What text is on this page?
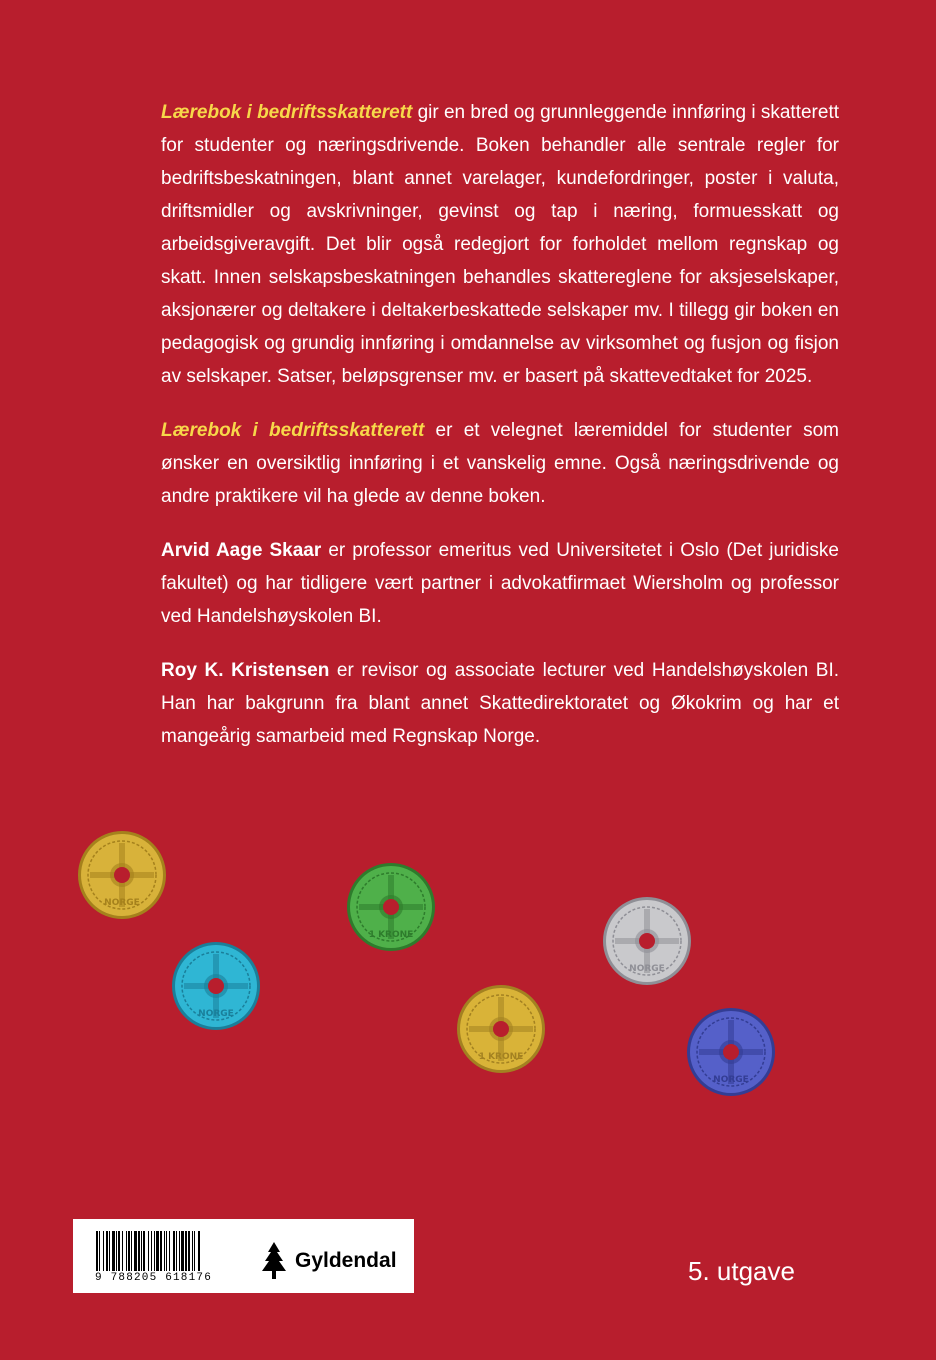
Lærebok i bedriftsskatterett gir en bred og grunnleggende innføring i skatterett for studenter og næringsdrivende. Boken behandler alle sentrale regler for bedriftsbeskatningen, blant annet varelager, kundefordringer, poster i valuta, driftsmidler og avskrivninger, gevinst og tap i næring, formuesskatt og arbeidsgiveravgift. Det blir også redegjort for forholdet mellom regnskap og skatt. Innen selskapsbeskatningen behandles skattereglene for aksjeselskaper, aksjonærer og deltakere i deltakerbeskattede selskaper mv. I tillegg gir boken en pedagogisk og grundig innføring i omdannelse av virksomhet og fusjon og fisjon av selskaper. Satser, beløpsgrenser mv. er basert på skattevedtaket for 2025.

Lærebok i bedriftsskatterett er et velegnet læremiddel for studenter som ønsker en oversiktlig innføring i et vanskelig emne. Også næringsdrivende og andre praktikere vil ha glede av denne boken.

Arvid Aage Skaar er professor emeritus ved Universitetet i Oslo (Det juridiske fakultet) og har tidligere vært partner i advokatfirmaet Wiersholm og professor ved Handelshøyskolen BI.

Roy K. Kristensen er revisor og associate lecturer ved Handelshøyskolen BI. Han har bakgrunn fra blant annet Skattedirektoratet og Økokrim og har et mangeårig samarbeid med Regnskap Norge.

NORGE
NORGE
1 KRONE
1 KRONE
NORGE
NORGE
9 788205 618176
Gyldendal	5. utgave
